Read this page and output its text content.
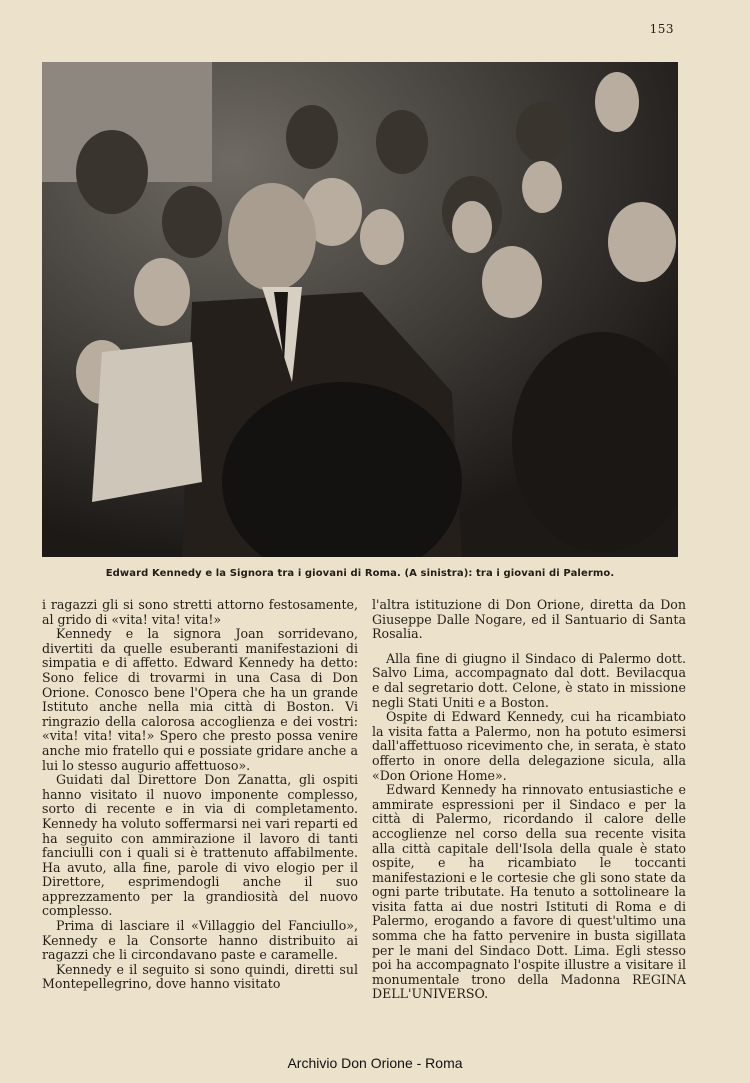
153
Edward Kennedy e la Signora tra i giovani di Roma. (A sinistra): tra i giovani di Palermo.

i ragazzi gli si sono stretti attorno festosamente, al grido di «vita! vita! vita!»

Kennedy e la signora Joan sorridevano, divertiti da quelle esuberanti manifestazioni di simpatia e di affetto. Edward Kennedy ha detto: Sono felice di trovarmi in una Casa di Don Orione. Conosco bene l'Opera che ha un grande Istituto anche nella mia città di Boston. Vi ringrazio della calorosa accoglienza e dei vostri: «vita! vita! vita!» Spero che presto possa venire anche mio fratello qui e possiate gridare anche a lui lo stesso augurio affettuoso».

Guidati dal Direttore Don Zanatta, gli ospiti hanno visitato il nuovo imponente complesso, sorto di recente e in via di completamento. Kennedy ha voluto soffermarsi nei vari reparti ed ha seguito con ammirazione il lavoro di tanti fanciulli con i quali si è trattenuto affabilmente. Ha avuto, alla fine, parole di vivo elogio per il Direttore, esprimendogli anche il suo apprezzamento per la grandiosità del nuovo complesso.

Prima di lasciare il «Villaggio del Fanciullo», Kennedy e la Consorte hanno distribuito ai ragazzi che li circondavano paste e caramelle.

Kennedy e il seguito si sono quindi, diretti sul Montepellegrino, dove hanno visitato

l'altra istituzione di Don Orione, diretta da Don Giuseppe Dalle Nogare, ed il Santuario di Santa Rosalia.

Alla fine di giugno il Sindaco di Palermo dott. Salvo Lima, accompagnato dal dott. Bevilacqua e dal segretario dott. Celone, è stato in missione negli Stati Uniti e a Boston.

Ospite di Edward Kennedy, cui ha ricambiato la visita fatta a Palermo, non ha potuto esimersi dall'affettuoso ricevimento che, in serata, è stato offerto in onore della delegazione sicula, alla «Don Orione Home».

Edward Kennedy ha rinnovato entusiastiche e ammirate espressioni per il Sindaco e per la città di Palermo, ricordando il calore delle accoglienze nel corso della sua recente visita alla città capitale dell'Isola della quale è stato ospite, e ha ricambiato le toccanti manifestazioni e le cortesie che gli sono state da ogni parte tributate. Ha tenuto a sottolineare la visita fatta ai due nostri Istituti di Roma e di Palermo, erogando a favore di quest'ultimo una somma che ha fatto pervenire in busta sigillata per le mani del Sindaco Dott. Lima. Egli stesso poi ha accompagnato l'ospite illustre a visitare il monumentale trono della Madonna REGINA DELL'UNIVERSO.

Archivio Don Orione - Roma
